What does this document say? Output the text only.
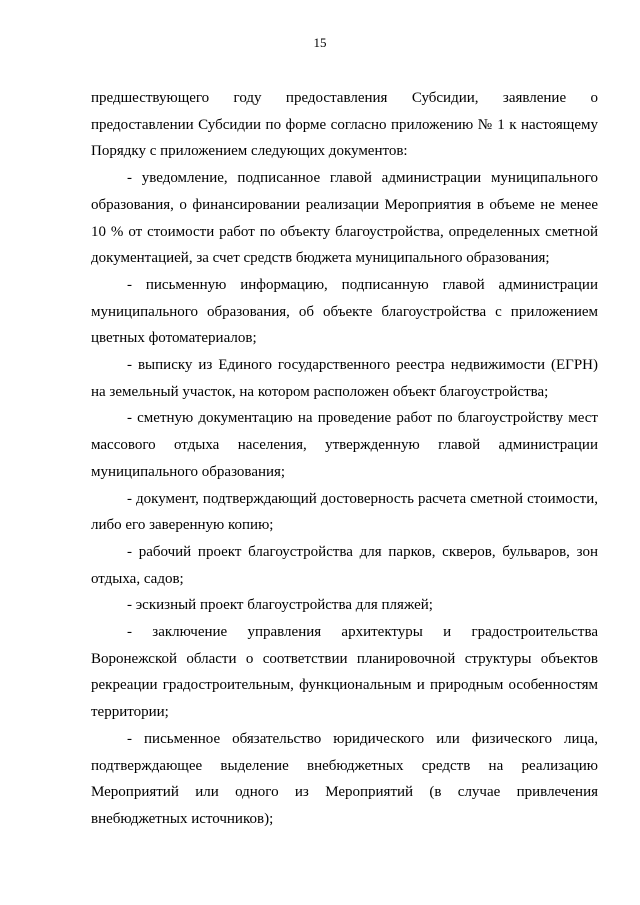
15

предшествующего году предоставления Субсидии, заявление о предоставлении Субсидии по форме согласно приложению № 1 к настоящему Порядку с приложением следующих документов:

- уведомление, подписанное главой администрации муниципального образования, о финансировании реализации Мероприятия в объеме не менее 10 % от стоимости работ по объекту благоустройства, определенных сметной документацией, за счет средств бюджета муниципального образования;

- письменную информацию, подписанную главой администрации муниципального образования, об объекте благоустройства с приложением цветных фотоматериалов;

- выписку из Единого государственного реестра недвижимости (ЕГРН) на земельный участок, на котором расположен объект благоустройства;

- сметную документацию на проведение работ по благоустройству мест массового отдыха населения, утвержденную главой администрации муниципального образования;

- документ, подтверждающий достоверность расчета сметной стоимости, либо его заверенную копию;

- рабочий проект благоустройства для парков, скверов, бульваров, зон отдыха, садов;

- эскизный проект благоустройства для пляжей;

- заключение управления архитектуры и градостроительства Воронежской области о соответствии планировочной структуры объектов рекреации градостроительным, функциональным и природным особенностям территории;

- письменное обязательство юридического или физического лица, подтверждающее выделение внебюджетных средств на реализацию Мероприятий или одного из Мероприятий (в случае привлечения внебюджетных источников);
